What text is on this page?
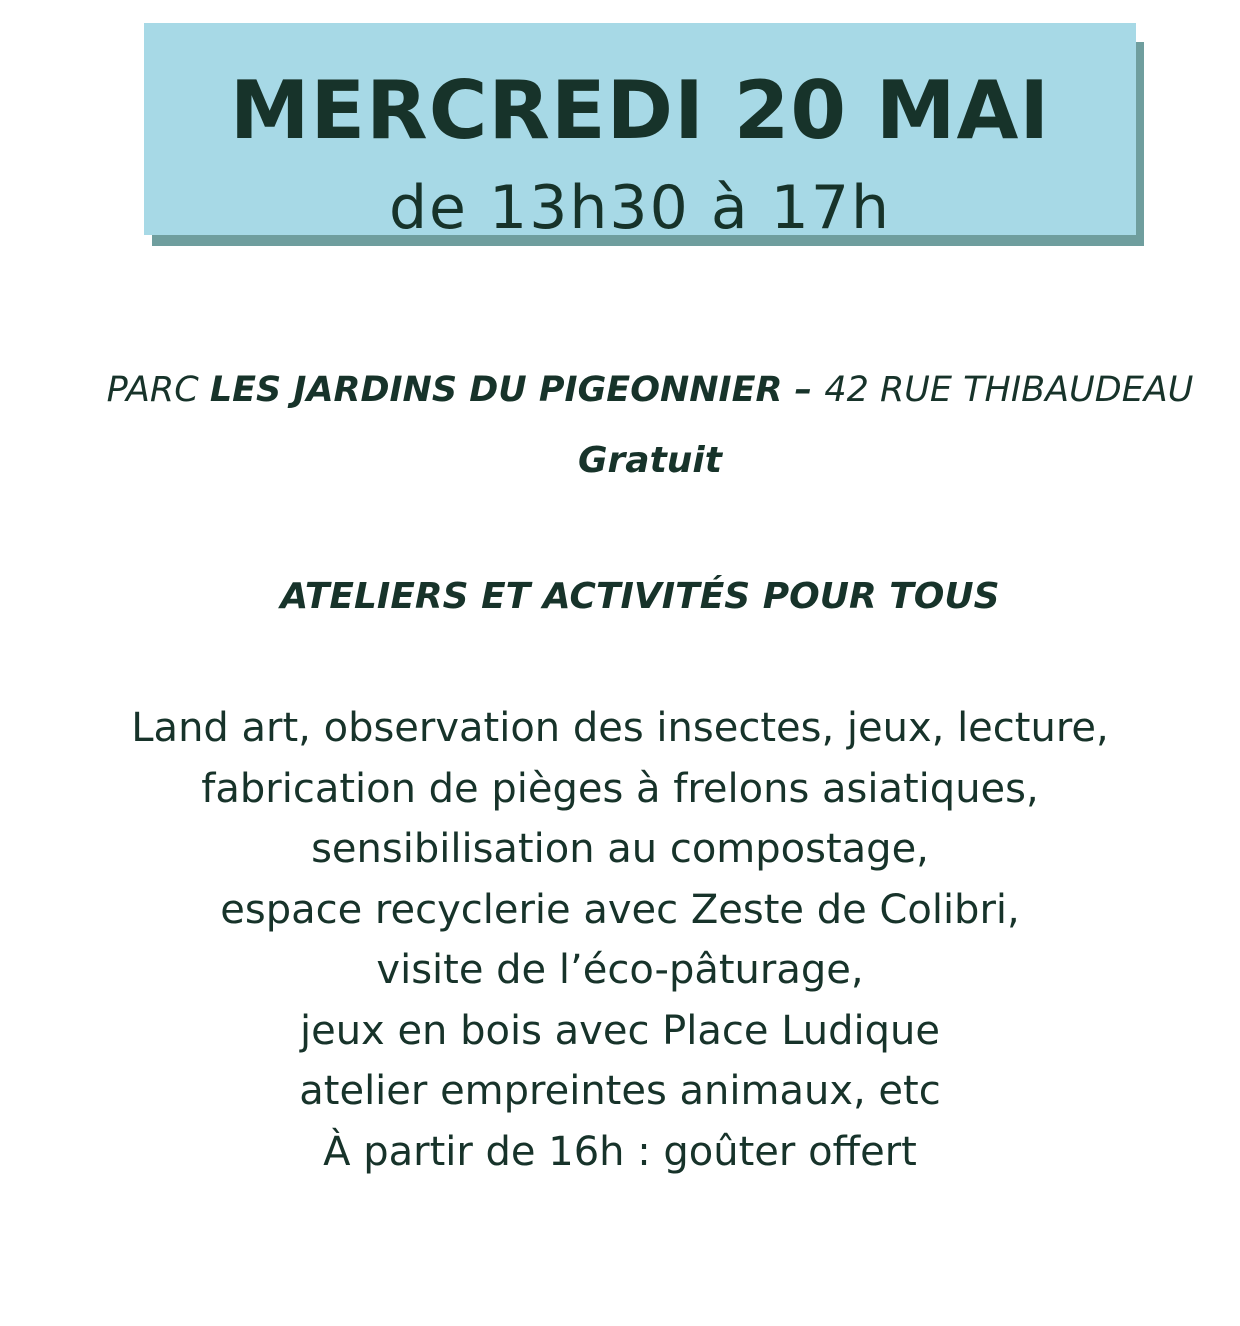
MERCREDI 20 MAI
de 13h30 à 17h
PARC LES JARDINS DU PIGEONNIER – 42 RUE THIBAUDEAU
Gratuit
ATELIERS ET ACTIVITÉS POUR TOUS
Land art, observation des insectes, jeux, lecture,
fabrication de pièges à frelons asiatiques,
sensibilisation au compostage,
espace recyclerie avec Zeste de Colibri,
visite de l’éco-pâturage,
jeux en bois avec Place Ludique
atelier empreintes animaux, etc
À partir de 16h : goûter offert
